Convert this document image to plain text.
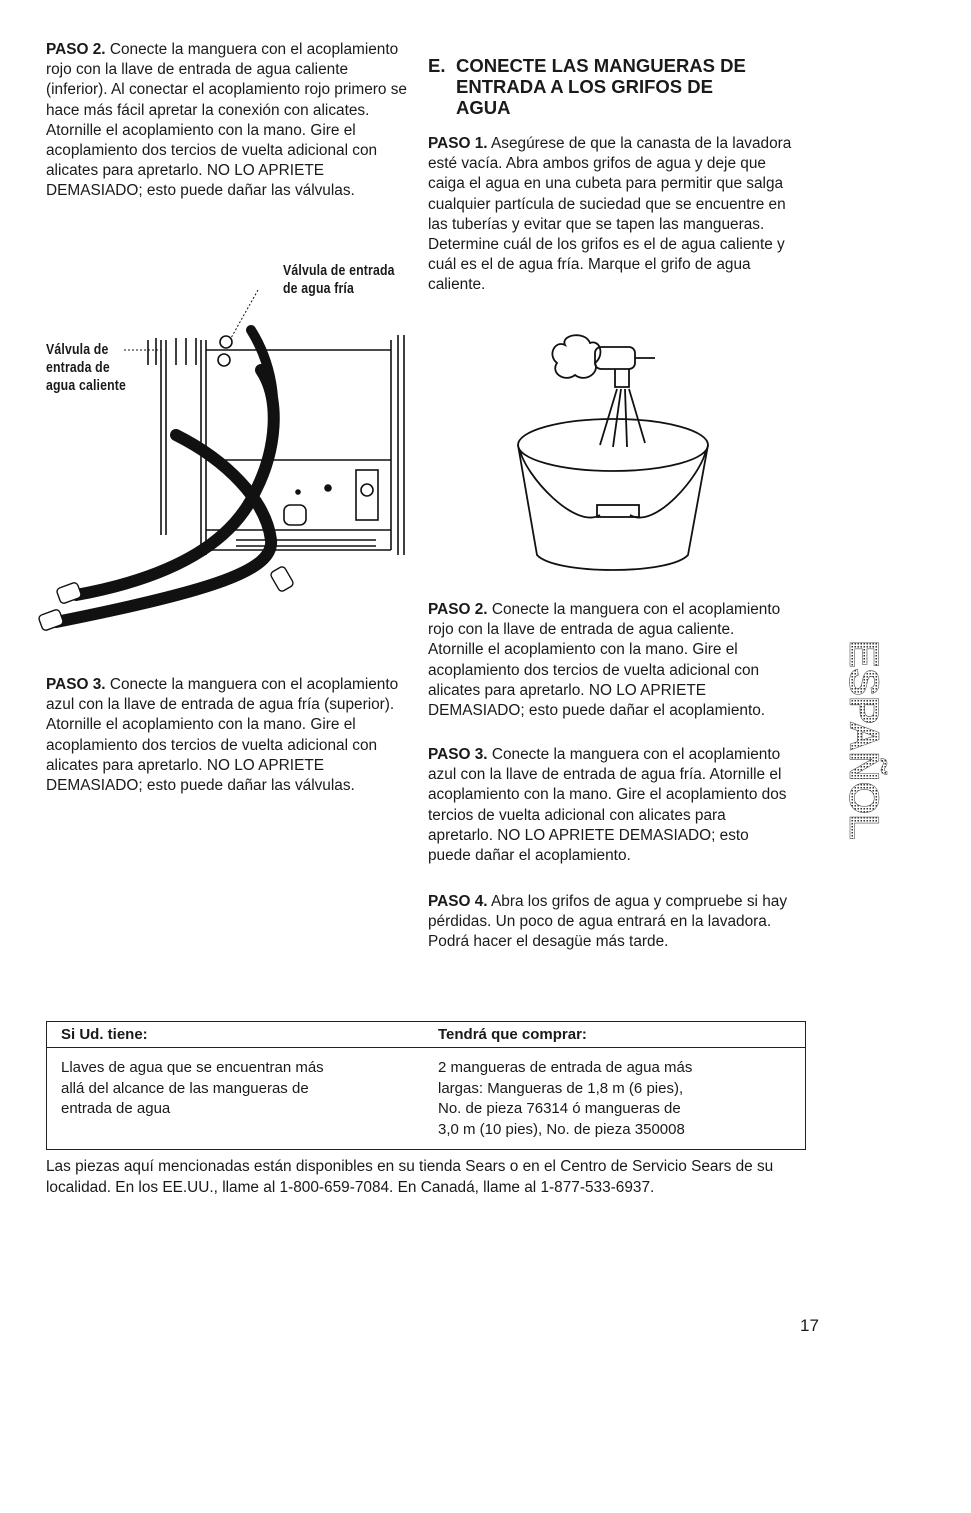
PASO 2. Conecte la manguera con el acoplamiento rojo con la llave de entrada de agua caliente (inferior). Al conectar el acoplamiento rojo primero se hace más fácil apretar la conexión con alicates. Atornille el acoplamiento con la mano. Gire el acoplamiento dos tercios de vuelta adicional con alicates para apretarlo. NO LO APRIETE DEMASIADO; esto puede dañar las válvulas.

Válvula de entrada
de agua fría
Válvula de
entrada de
agua caliente

PASO 3. Conecte la manguera con el acoplamiento azul con la llave de entrada de agua fría (superior). Atornille el acoplamiento con la mano. Gire el acoplamiento dos tercios de vuelta adicional con alicates para apretarlo. NO LO APRIETE DEMASIADO; esto puede dañar las válvulas.

E. CONECTE LAS MANGUERAS DE
ENTRADA A LOS GRIFOS DE
AGUA

PASO 1. Asegúrese de que la canasta de la lavadora esté vacía. Abra ambos grifos de agua y deje que caiga el agua en una cubeta para permitir que salga cualquier partícula de suciedad que se encuentre en las tuberías y evitar que se tapen las mangueras. Determine cuál de los grifos es el de agua caliente y cuál es el de agua fría. Marque el grifo de agua caliente.

PASO 2. Conecte la manguera con el acoplamiento rojo con la llave de entrada de agua caliente. Atornille el acoplamiento con la mano. Gire el acoplamiento dos tercios de vuelta adicional con alicates para apretarlo. NO LO APRIETE DEMASIADO; esto puede dañar el acoplamiento.

PASO 3. Conecte la manguera con el acoplamiento azul con la llave de entrada de agua fría. Atornille el acoplamiento con la mano. Gire el acoplamiento dos tercios de vuelta adicional con alicates para apretarlo. NO LO APRIETE DEMASIADO; esto puede dañar el acoplamiento.

PASO 4. Abra los grifos de agua y compruebe si hay pérdidas. Un poco de agua entrará en la lavadora. Podrá hacer el desagüe más tarde.

ESPAÑOL
Si Ud. tiene:	Tendrá que comprar:
Llaves de agua que se encuentran más
allá del alcance de las mangueras de
entrada de agua
2 mangueras de entrada de agua más
largas: Mangueras de 1,8 m (6 pies),
No. de pieza 76314 ó mangueras de
3,0 m (10 pies), No. de pieza 350008

Las piezas aquí mencionadas están disponibles en su tienda Sears o en el Centro de Servicio Sears de su localidad. En los EE.UU., llame al 1-800-659-7084. En Canadá, llame al 1-877-533-6937.

17
